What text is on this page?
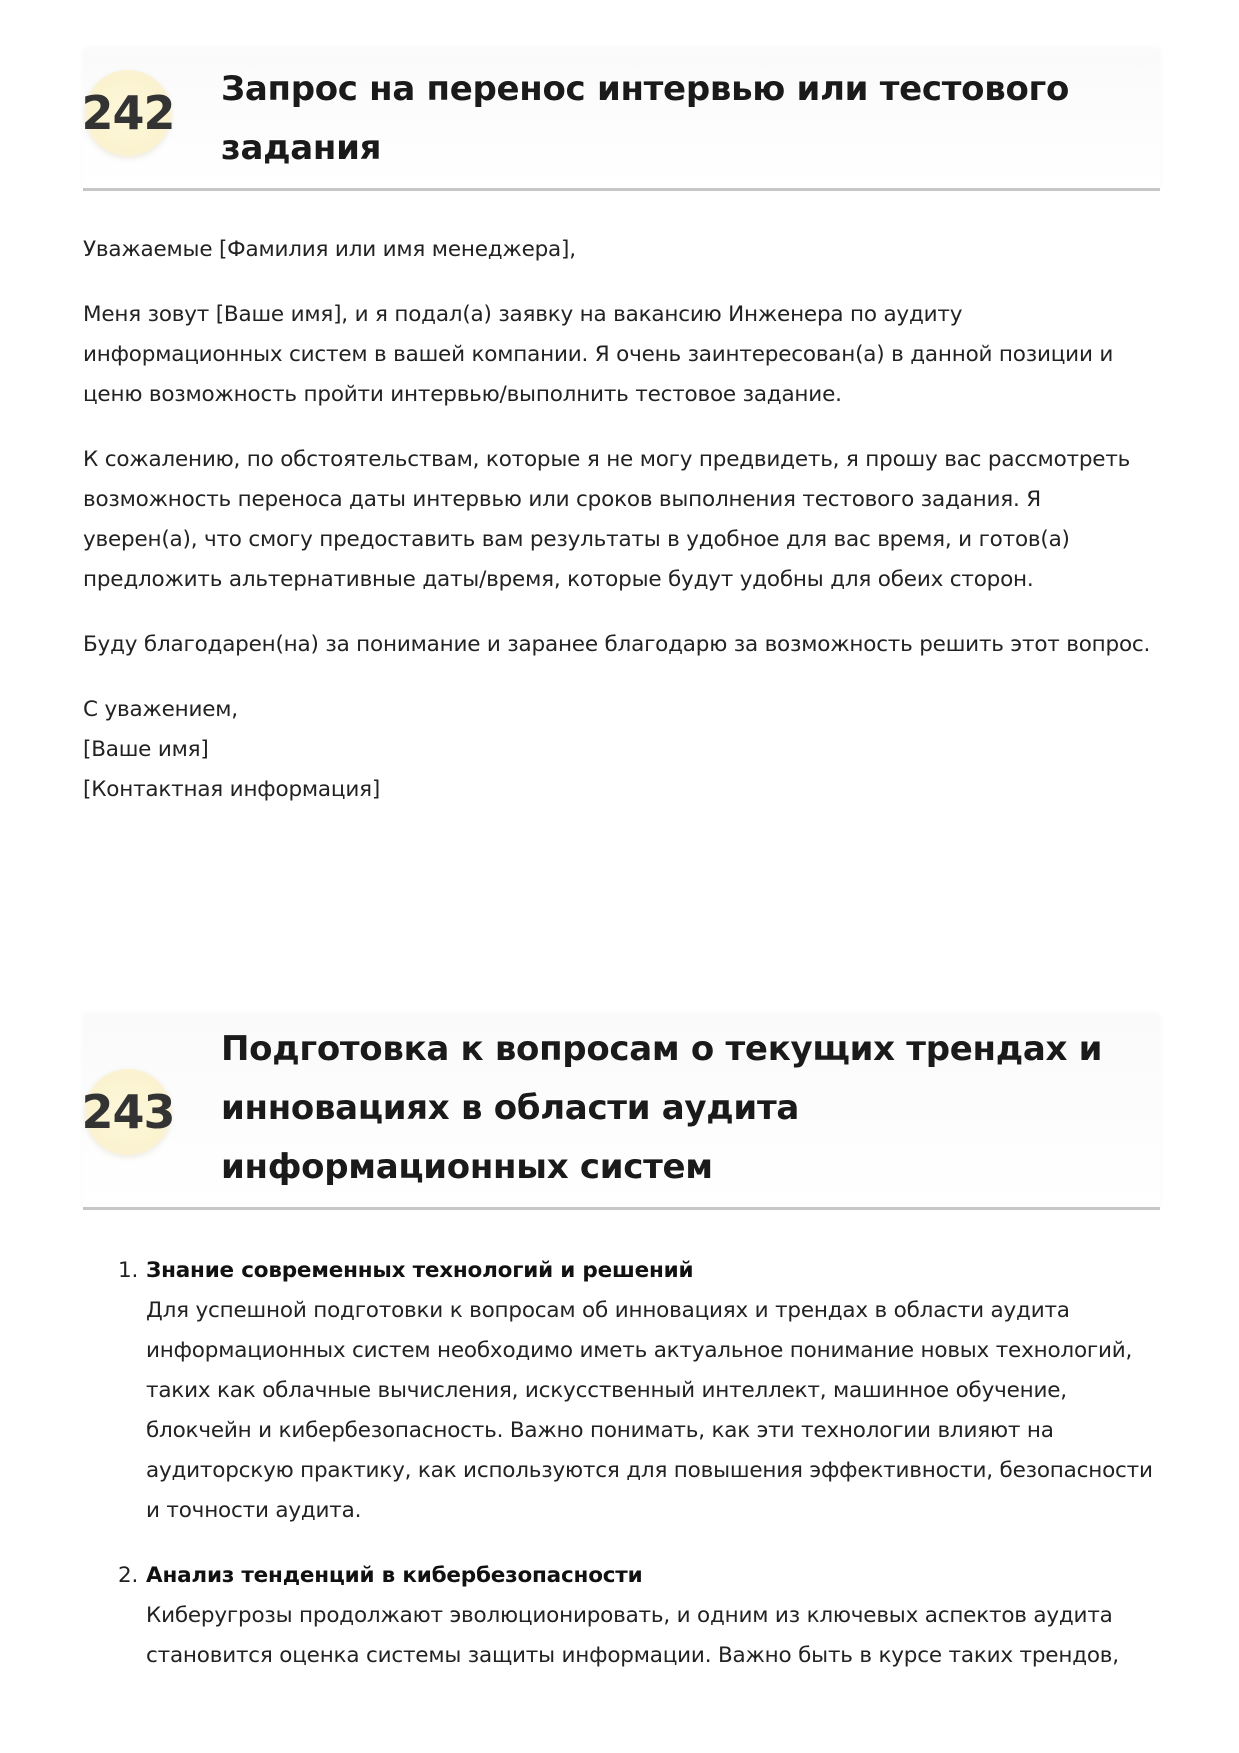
242 Запрос на перенос интервью или тестового задания

Уважаемые [Фамилия или имя менеджера],

Меня зовут [Ваше имя], и я подал(а) заявку на вакансию Инженера по аудиту информационных систем в вашей компании. Я очень заинтересован(а) в данной позиции и ценю возможность пройти интервью/выполнить тестовое задание.

К сожалению, по обстоятельствам, которые я не могу предвидеть, я прошу вас рассмотреть возможность переноса даты интервью или сроков выполнения тестового задания. Я уверен(а), что смогу предоставить вам результаты в удобное для вас время, и готов(а) предложить альтернативные даты/время, которые будут удобны для обеих сторон.

Буду благодарен(на) за понимание и заранее благодарю за возможность решить этот вопрос.

С уважением,

[Ваше имя]

[Контактная информация]

243
Подготовка к вопросам о текущих трендах и инновациях в области аудита информационных систем
1. Знание современных технологий и решений
Для успешной подготовки к вопросам об инновациях и трендах в области аудита информационных систем необходимо иметь актуальное понимание новых технологий, таких как облачные вычисления, искусственный интеллект, машинное обучение, блокчейн и кибербезопасность. Важно понимать, как эти технологии влияют на аудиторскую практику, как используются для повышения эффективности, безопасности и точности аудита.
2. Анализ тенденций в кибербезопасности
Киберугрозы продолжают эволюционировать, и одним из ключевых аспектов аудита становится оценка системы защиты информации. Важно быть в курсе таких трендов,
